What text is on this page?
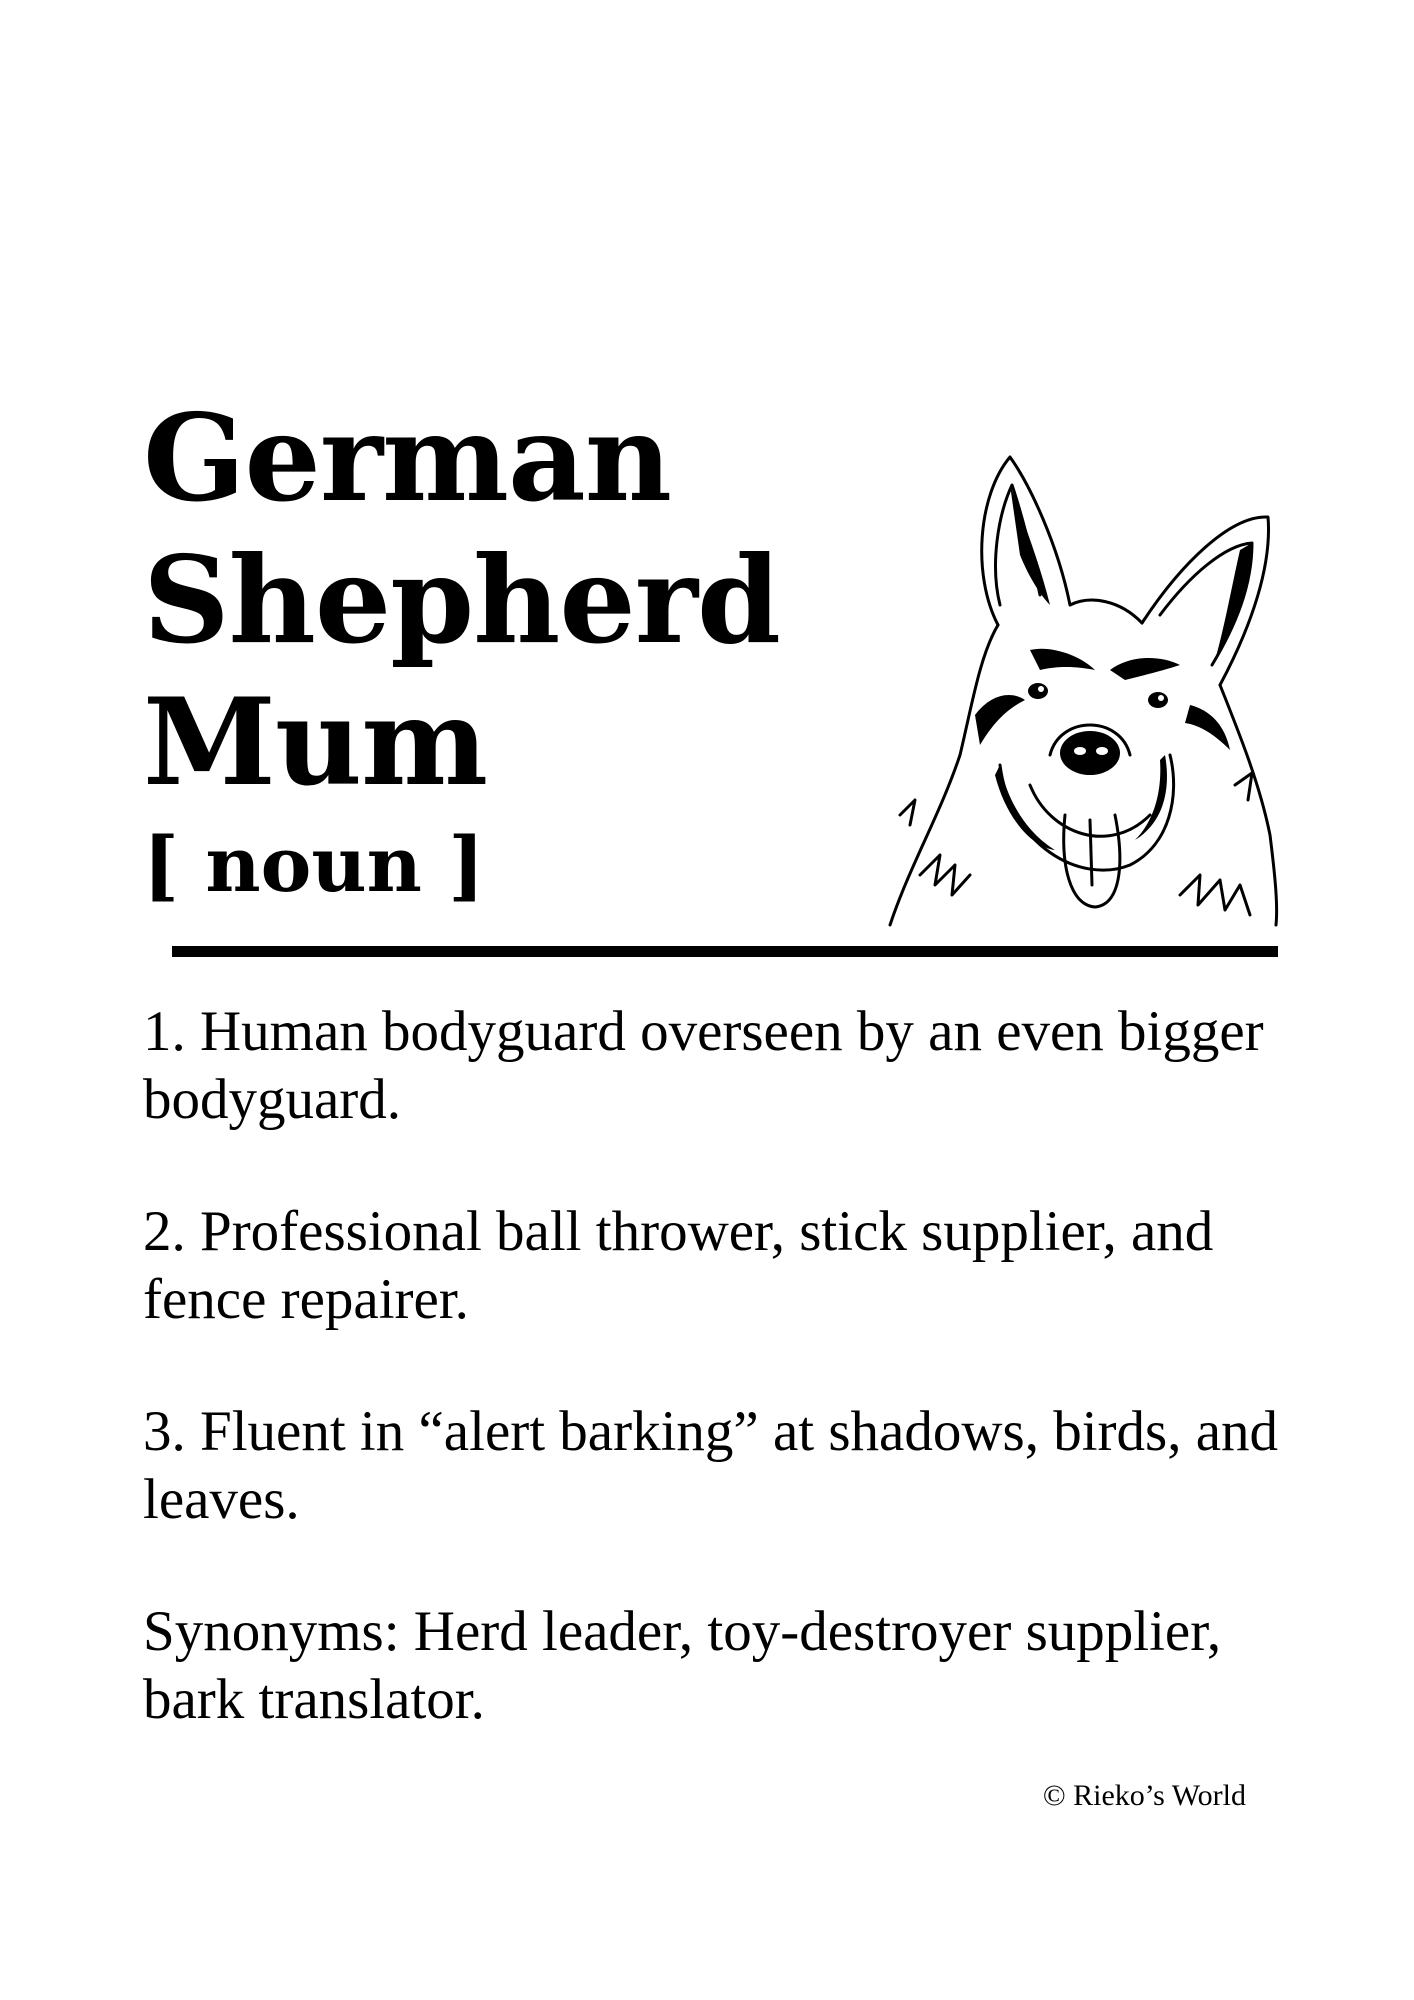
German
Shepherd
Mum
[ noun ]

1. Human bodyguard overseen by an even bigger bodyguard.

2. Professional ball thrower, stick supplier, and fence repairer.

3. Fluent in “alert barking” at shadows, birds, and leaves.

Synonyms: Herd leader, toy-destroyer supplier, bark translator.

© Rieko’s World
